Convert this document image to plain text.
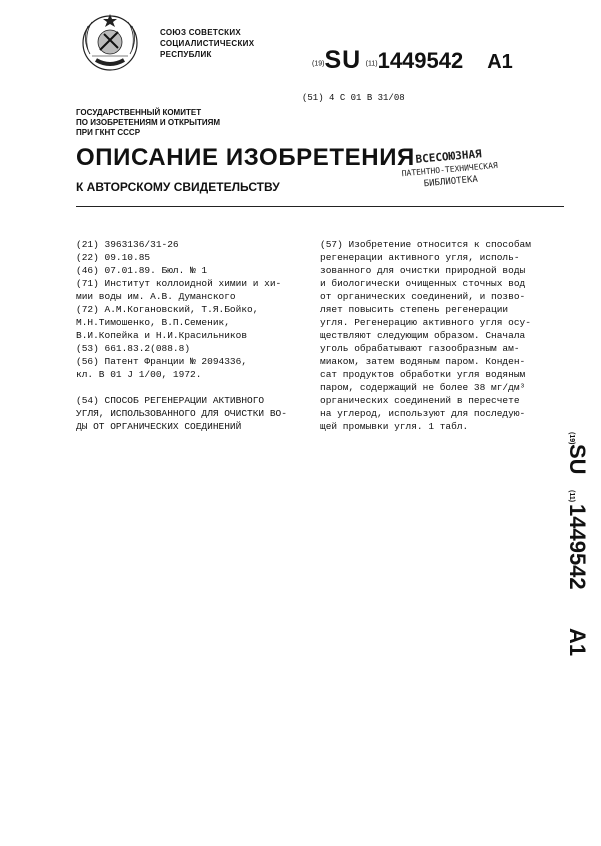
СОЮЗ СОВЕТСКИХ
СОЦИАЛИСТИЧЕСКИХ
РЕСПУБЛИК
(19)SU (11)1449542 A1
(51) 4 С 01 В 31/08
ГОСУДАРСТВЕННЫЙ КОМИТЕТ
ПО ИЗОБРЕТЕНИЯМ И ОТКРЫТИЯМ
ПРИ ГКНТ СССР
ОПИСАНИЕ ИЗОБРЕТЕНИЯ
К АВТОРСКОМУ СВИДЕТЕЛЬСТВУ
ВСЕСОЮЗНАЯ
ПАТЕНТНО-ТЕХНИЧЕСКАЯ
БИБЛИОТЕКА
(21) 3963136/31-26
(22) 09.10.85
(46) 07.01.89. Бюл. № 1
(71) Институт коллоидной химии и хи-
мии воды им. А.В. Думанского
(72) А.М.Когановский, Т.Я.Бойко,
М.Н.Тимошенко, В.П.Семеник,
В.И.Копейка и Н.И.Красильников
(53) 661.83.2(088.8)
(56) Патент Франции № 2094336,
кл. В 01 J 1/00, 1972.
(54) СПОСОБ РЕГЕНЕРАЦИИ АКТИВНОГО
УГЛЯ, ИСПОЛЬЗОВАННОГО ДЛЯ ОЧИСТКИ ВО-
ДЫ ОТ ОРГАНИЧЕСКИХ СОЕДИНЕНИЙ
(57) Изобретение относится к способам
регенерации активного угля, исполь-
зованного для очистки природной воды
и биологически очищенных сточных вод
от органических соединений, и позво-
ляет повысить степень регенерации
угля. Регенерацию активного угля осу-
ществляют следующим образом. Сначала
уголь обрабатывают газообразным ам-
миаком, затем водяным паром. Конден-
сат продуктов обработки угля водяным
паром, содержащий не более 38 мг/дм³
органических соединений в пересчете
на углерод, используют для последую-
щей промывки угля. 1 табл.
(19)
SU
(11)
1449542
A1
